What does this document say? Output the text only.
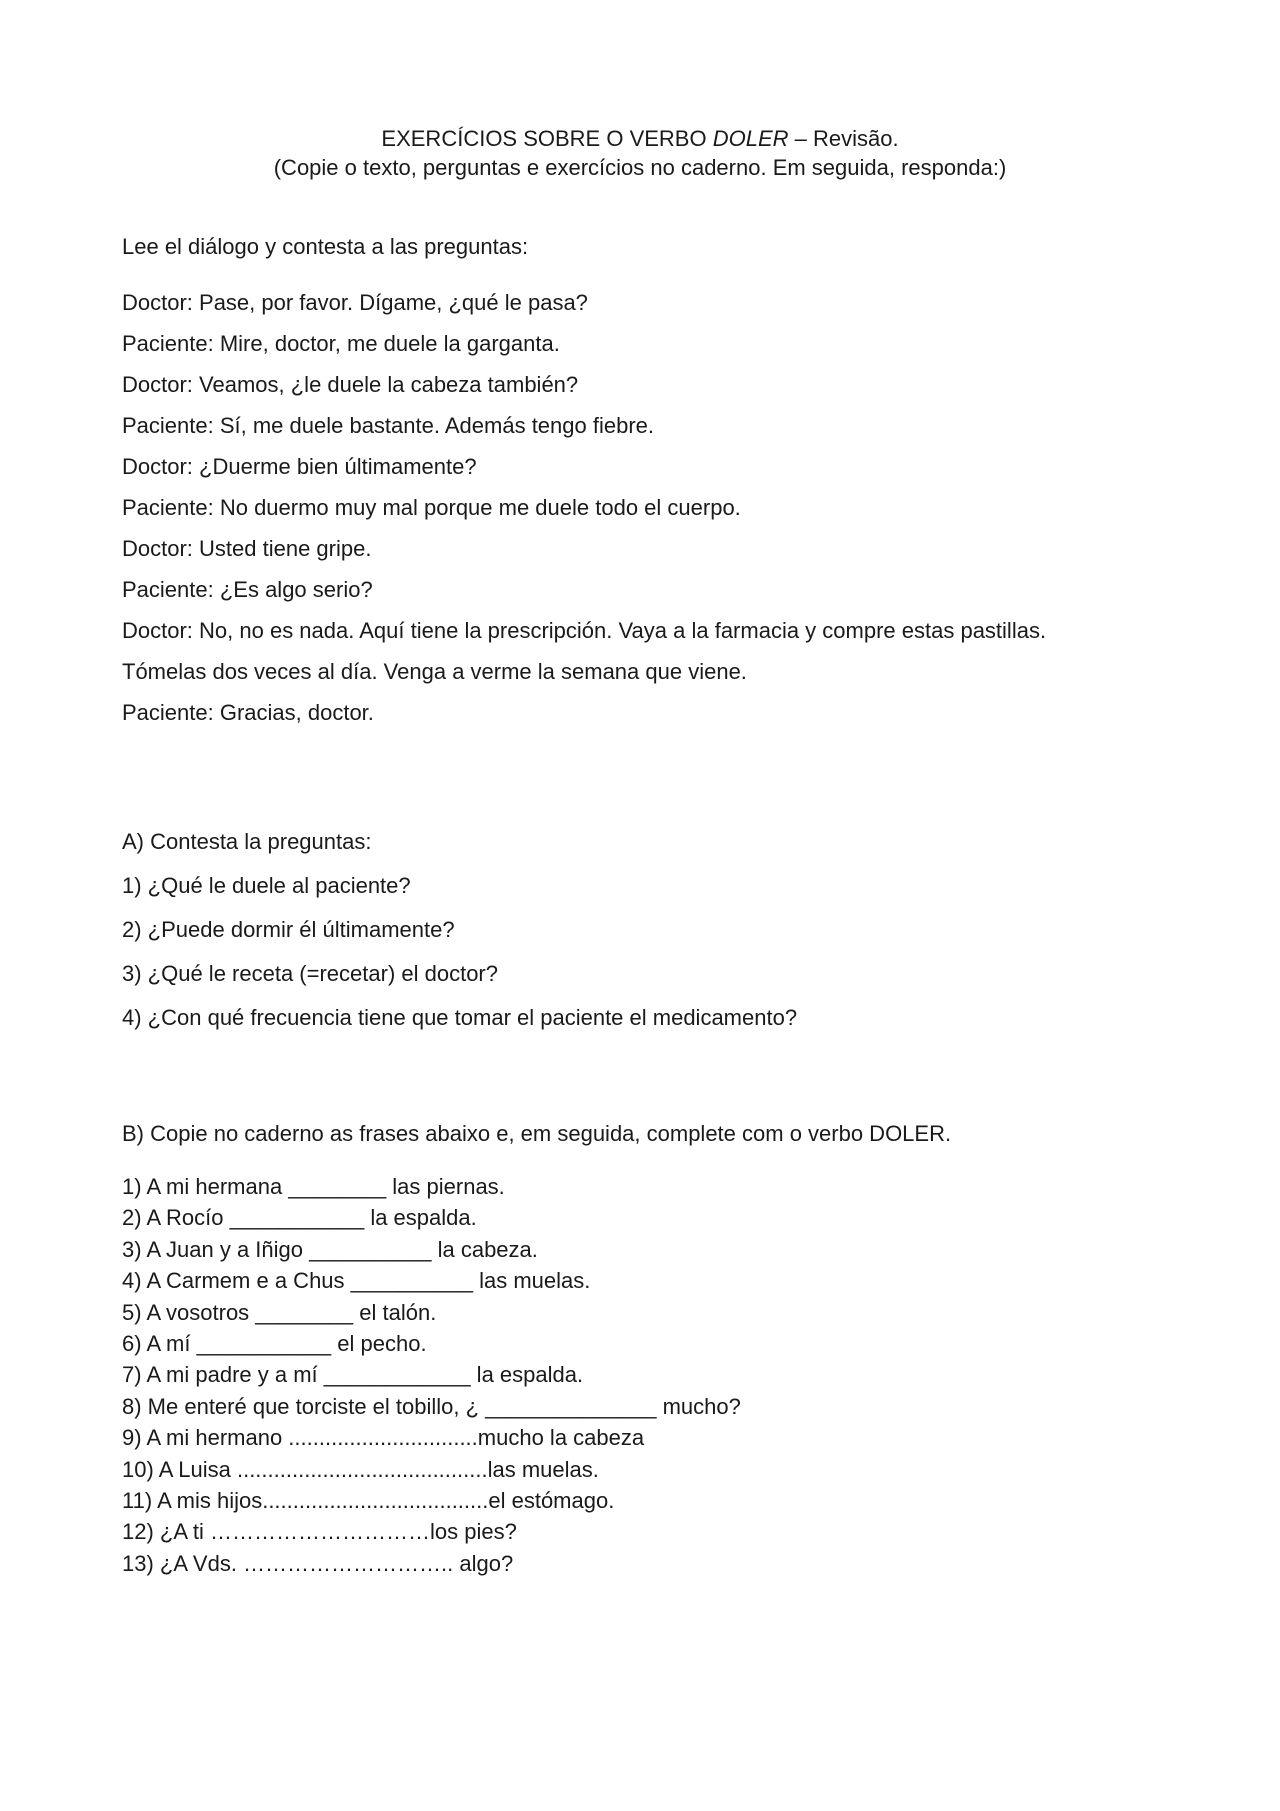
EXERCÍCIOS SOBRE O VERBO DOLER – Revisão.
(Copie o texto, perguntas e exercícios no caderno. Em seguida, responda:)
Lee el diálogo y contesta a las preguntas:
Doctor: Pase, por favor. Dígame, ¿qué le pasa?
Paciente: Mire, doctor, me duele la garganta.
Doctor: Veamos, ¿le duele la cabeza también?
Paciente: Sí, me duele bastante. Además tengo fiebre.
Doctor: ¿Duerme bien últimamente?
Paciente: No duermo muy mal porque me duele todo el cuerpo.
Doctor: Usted tiene gripe.
Paciente: ¿Es algo serio?
Doctor: No, no es nada. Aquí tiene la prescripción. Vaya a la farmacia y compre estas pastillas.
Tómelas dos veces al día. Venga a verme la semana que viene.
Paciente: Gracias, doctor.
A) Contesta la preguntas:
1) ¿Qué le duele al paciente?
2) ¿Puede dormir él últimamente?
3) ¿Qué le receta (=recetar) el doctor?
4) ¿Con qué frecuencia tiene que tomar el paciente el medicamento?
B) Copie no caderno as frases abaixo e, em seguida, complete com o verbo DOLER.
1) A mi hermana ________ las piernas.
2) A Rocío ___________ la espalda.
3) A Juan y a Iñigo __________ la cabeza.
4) A Carmem e a Chus __________ las muelas.
5) A vosotros ________ el talón.
6) A mí ___________ el pecho.
7) A mi padre y a mí ____________ la espalda.
8) Me enteré que torciste el tobillo, ¿ ______________ mucho?
9) A mi hermano ...............................mucho la cabeza
10) A Luisa .........................................las muelas.
11) A mis hijos.....................................el estómago.
12) ¿A ti …………………………los pies?
13) ¿A Vds. ……………………….. algo?
